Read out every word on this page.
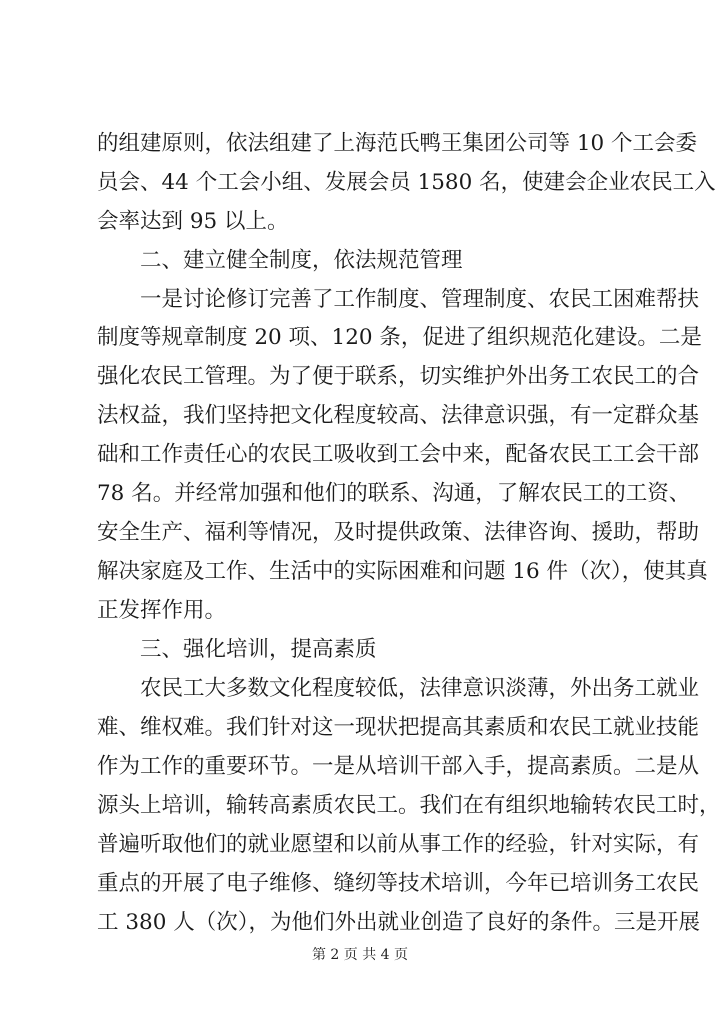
的组建原则，依法组建了上海范氏鸭王集团公司等 10 个工会委
员会、44 个工会小组、发展会员 1580 名，使建会企业农民工入
会率达到 95 以上。
二、建立健全制度，依法规范管理
一是讨论修订完善了工作制度、管理制度、农民工困难帮扶
制度等规章制度 20 项、120 条，促进了组织规范化建设。二是
强化农民工管理。为了便于联系，切实维护外出务工农民工的合
法权益，我们坚持把文化程度较高、法律意识强，有一定群众基
础和工作责任心的农民工吸收到工会中来，配备农民工工会干部
78 名。并经常加强和他们的联系、沟通，了解农民工的工资、
安全生产、福利等情况，及时提供政策、法律咨询、援助，帮助
解决家庭及工作、生活中的实际困难和问题 16 件（次），使其真
正发挥作用。
三、强化培训，提高素质
农民工大多数文化程度较低，法律意识淡薄，外出务工就业
难、维权难。我们针对这一现状把提高其素质和农民工就业技能
作为工作的重要环节。一是从培训干部入手，提高素质。二是从
源头上培训，输转高素质农民工。我们在有组织地输转农民工时，
普遍听取他们的就业愿望和以前从事工作的经验，针对实际，有
重点的开展了电子维修、缝纫等技术培训，今年已培训务工农民
工 380 人（次），为他们外出就业创造了良好的条件。三是开展
第 2 页 共 4 页
